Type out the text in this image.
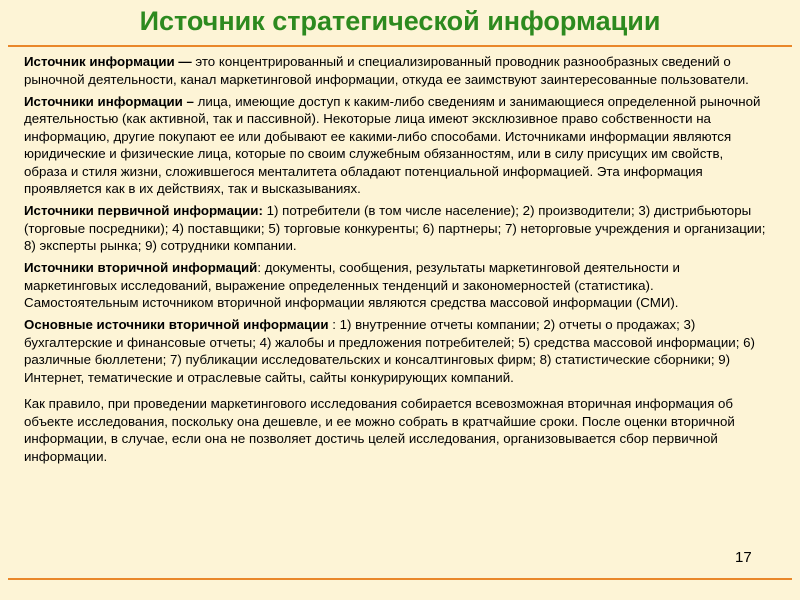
Источник стратегической информации

Источник информации — это концентрированный и специализированный проводник разнообразных сведений о рыночной деятельности, канал маркетинговой информации, откуда ее заимствуют заинтересованные пользователи.

Источники информации – лица, имеющие доступ к каким-либо сведениям и занимающиеся определенной рыночной деятельностью (как активной, так и пассивной). Некоторые лица имеют эксклюзивное право собственности на информацию, другие покупают ее или добывают ее какими-либо способами. Источниками информации являются юридические и физические лица, которые по своим служебным обязанностям, или в силу присущих им свойств, образа и стиля жизни, сложившегося менталитета обладают потенциальной информацией. Эта информация проявляется как в их действиях, так и высказываниях.

Источники первичной информации: 1) потребители (в том числе население); 2) производители; 3) дистрибьюторы (торговые посредники); 4) поставщики; 5) торговые конкуренты; 6) партнеры; 7) неторговые учреждения и организации; 8) эксперты рынка; 9) сотрудники компании.

Источники вторичной информаций: документы, сообщения, результаты маркетинговой деятельности и маркетинговых исследований, выражение определенных тенденций и закономерностей (статистика). Самостоятельным источником вторичной информации являются средства массовой информации (СМИ).

Основные источники вторичной информации : 1) внутренние отчеты компании; 2) отчеты о продажах; 3) бухгалтерские и финансовые отчеты; 4) жалобы и предложения потребителей; 5) средства массовой информации; 6) различные бюллетени; 7) публикации исследовательских и консалтинговых фирм; 8) статистические сборники; 9) Интернет, тематические и отраслевые сайты, сайты конкурирующих компаний.

Как правило, при проведении маркетингового исследования собирается всевозможная вторичная информация об объекте исследования, поскольку она дешевле, и ее можно собрать в кратчайшие сроки. После оценки вторичной информации, в случае, если она не позволяет достичь целей исследования, организовывается сбор первичной информации.

17
